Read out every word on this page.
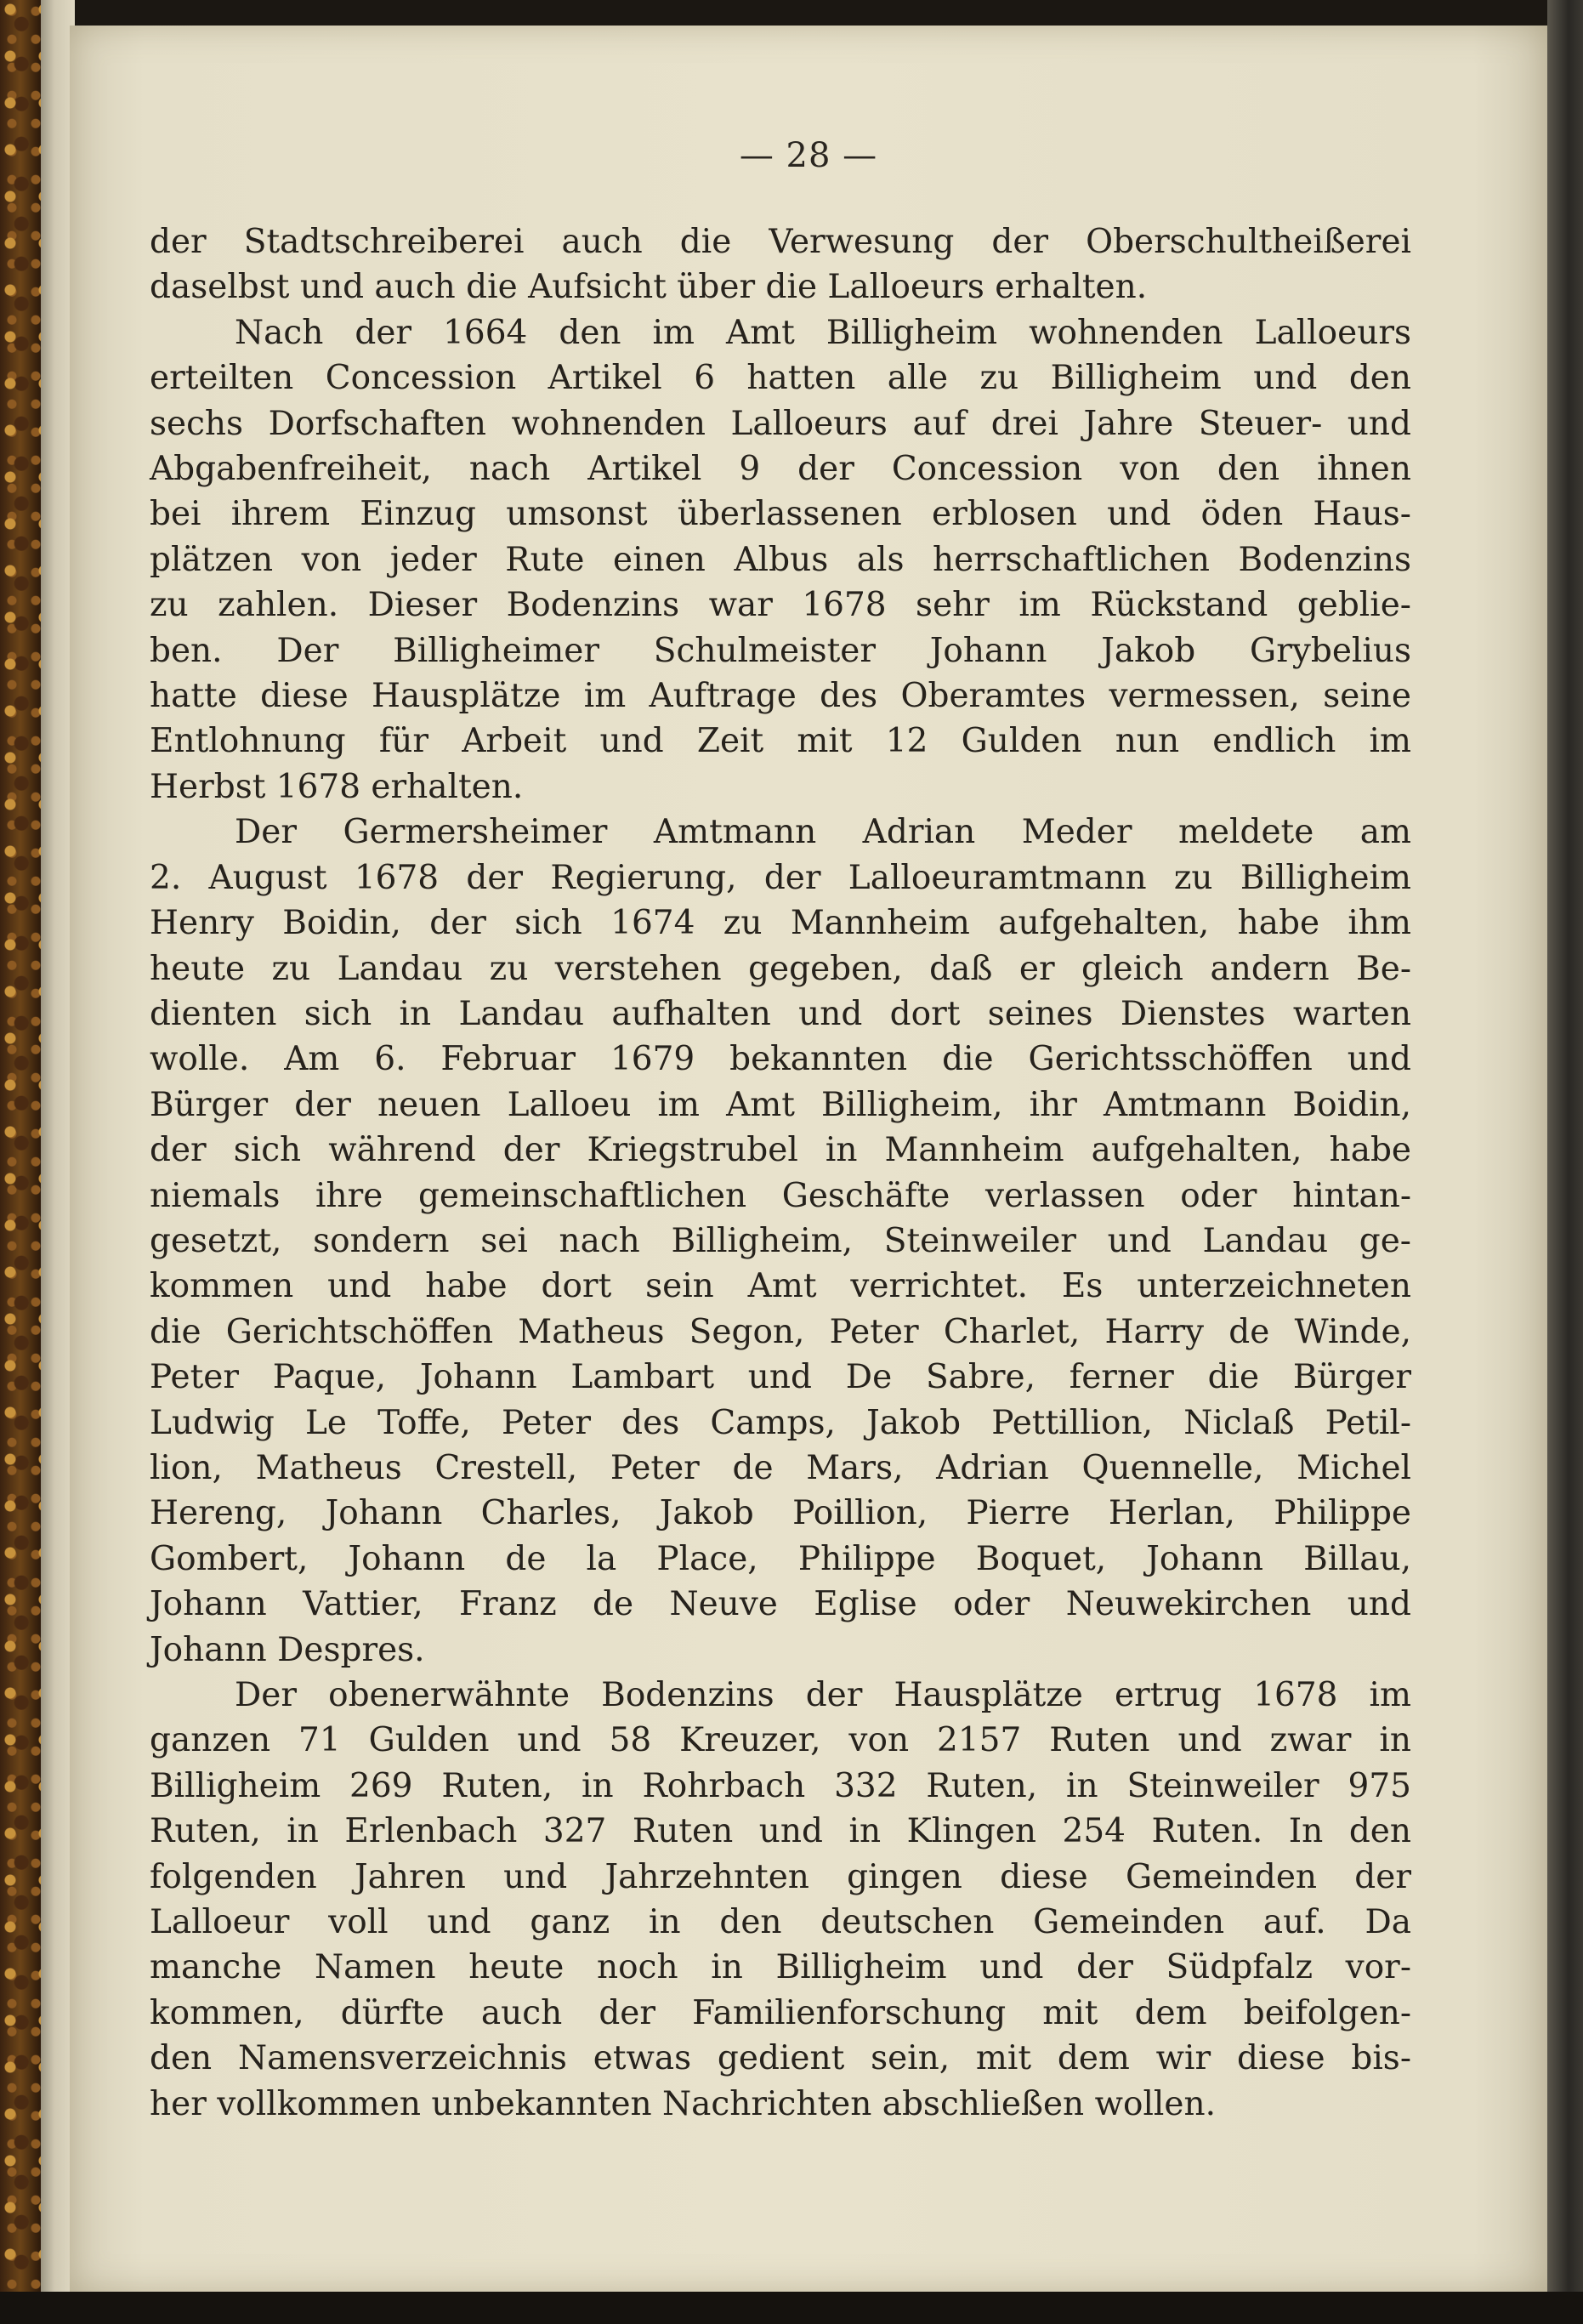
— 28 —
der Stadtschreiberei auch die Verwesung der Oberschultheißerei
daselbst und auch die Aufsicht über die Lalloeurs erhalten.
Nach der 1664 den im Amt Billigheim wohnenden Lalloeurs
erteilten Concession Artikel 6 hatten alle zu Billigheim und den
sechs Dorfschaften wohnenden Lalloeurs auf drei Jahre Steuer- und
Abgabenfreiheit, nach Artikel 9 der Concession von den ihnen
bei ihrem Einzug umsonst überlassenen erblosen und öden Haus-
plätzen von jeder Rute einen Albus als herrschaftlichen Bodenzins
zu zahlen. Dieser Bodenzins war 1678 sehr im Rückstand geblie-
ben. Der Billigheimer Schulmeister Johann Jakob Grybelius
hatte diese Hausplätze im Auftrage des Oberamtes vermessen, seine
Entlohnung für Arbeit und Zeit mit 12 Gulden nun endlich im
Herbst 1678 erhalten.
Der Germersheimer Amtmann Adrian Meder meldete am
2. August 1678 der Regierung, der Lalloeuramtmann zu Billigheim
Henry Boidin, der sich 1674 zu Mannheim aufgehalten, habe ihm
heute zu Landau zu verstehen gegeben, daß er gleich andern Be-
dienten sich in Landau aufhalten und dort seines Dienstes warten
wolle. Am 6. Februar 1679 bekannten die Gerichtsschöffen und
Bürger der neuen Lalloeu im Amt Billigheim, ihr Amtmann Boidin,
der sich während der Kriegstrubel in Mannheim aufgehalten, habe
niemals ihre gemeinschaftlichen Geschäfte verlassen oder hintan-
gesetzt, sondern sei nach Billigheim, Steinweiler und Landau ge-
kommen und habe dort sein Amt verrichtet. Es unterzeichneten
die Gerichtschöffen Matheus Segon, Peter Charlet, Harry de Winde,
Peter Paque, Johann Lambart und De Sabre, ferner die Bürger
Ludwig Le Toffe, Peter des Camps, Jakob Pettillion, Niclaß Petil-
lion, Matheus Crestell, Peter de Mars, Adrian Quennelle, Michel
Hereng, Johann Charles, Jakob Poillion, Pierre Herlan, Philippe
Gombert, Johann de la Place, Philippe Boquet, Johann Billau,
Johann Vattier, Franz de Neuve Eglise oder Neuwekirchen und
Johann Despres.
Der obenerwähnte Bodenzins der Hausplätze ertrug 1678 im
ganzen 71 Gulden und 58 Kreuzer, von 2157 Ruten und zwar in
Billigheim 269 Ruten, in Rohrbach 332 Ruten, in Steinweiler 975
Ruten, in Erlenbach 327 Ruten und in Klingen 254 Ruten. In den
folgenden Jahren und Jahrzehnten gingen diese Gemeinden der
Lalloeur voll und ganz in den deutschen Gemeinden auf. Da
manche Namen heute noch in Billigheim und der Südpfalz vor-
kommen, dürfte auch der Familienforschung mit dem beifolgen-
den Namensverzeichnis etwas gedient sein, mit dem wir diese bis-
her vollkommen unbekannten Nachrichten abschließen wollen.
